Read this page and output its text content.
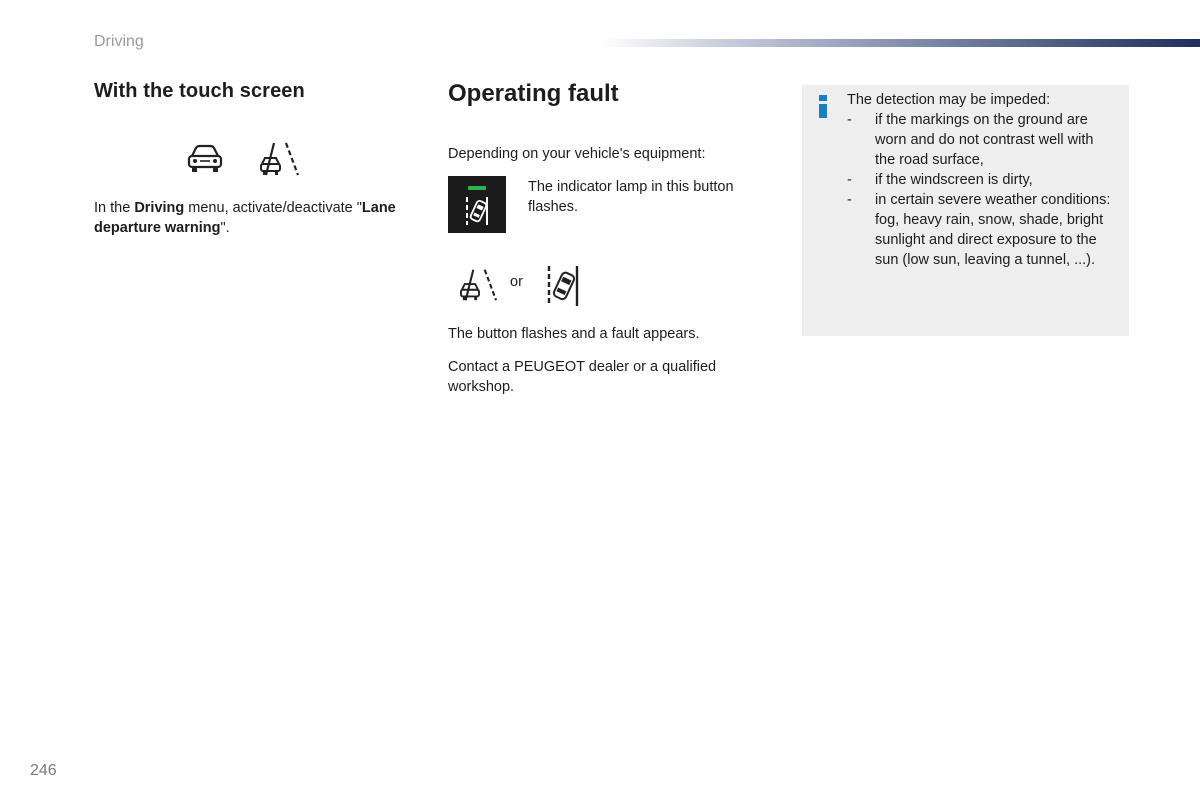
Driving
With the touch screen

In the Driving menu, activate/deactivate "Lane departure warning".

Operating fault

Depending on your vehicle's equipment:

The indicator lamp in this button flashes.

or

The button flashes and a fault appears.

Contact a PEUGEOT dealer or a qualified workshop.

The detection may be impeded:
- if the markings on the ground are worn and do not contrast well with the road surface,
- if the windscreen is dirty,
- in certain severe weather conditions: fog, heavy rain, snow, shade, bright sunlight and direct exposure to the sun (low sun, leaving a tunnel, ...).
246
